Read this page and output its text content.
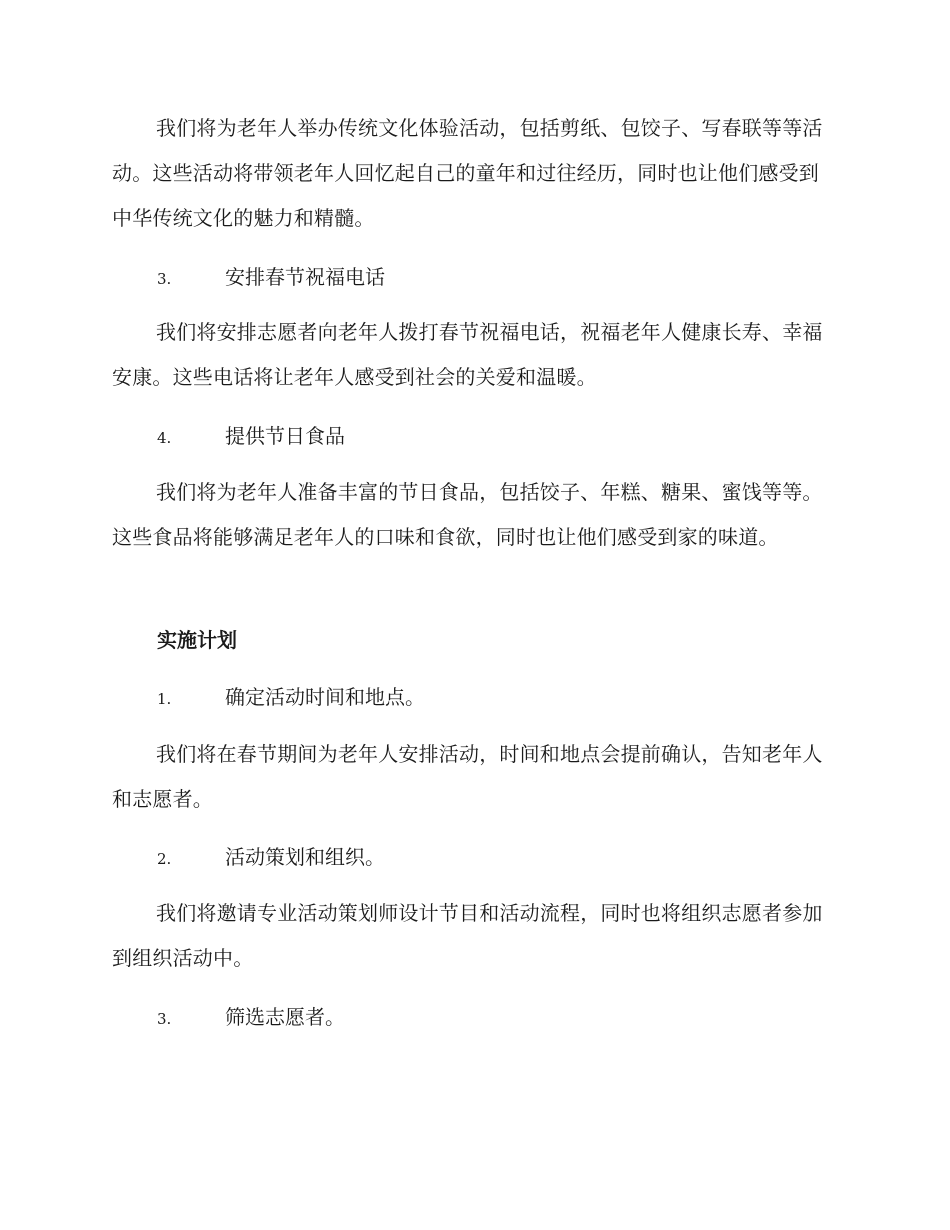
我们将为老年人举办传统文化体验活动，包括剪纸、包饺子、写春联等等活动。这些活动将带领老年人回忆起自己的童年和过往经历，同时也让他们感受到中华传统文化的魅力和精髓。

3.	安排春节祝福电话

我们将安排志愿者向老年人拨打春节祝福电话，祝福老年人健康长寿、幸福安康。这些电话将让老年人感受到社会的关爱和温暖。

4.	提供节日食品

我们将为老年人准备丰富的节日食品，包括饺子、年糕、糖果、蜜饯等等。这些食品将能够满足老年人的口味和食欲，同时也让他们感受到家的味道。

实施计划
1.	确定活动时间和地点。

我们将在春节期间为老年人安排活动，时间和地点会提前确认，告知老年人和志愿者。

2.	活动策划和组织。

我们将邀请专业活动策划师设计节目和活动流程，同时也将组织志愿者参加到组织活动中。

3.	筛选志愿者。
